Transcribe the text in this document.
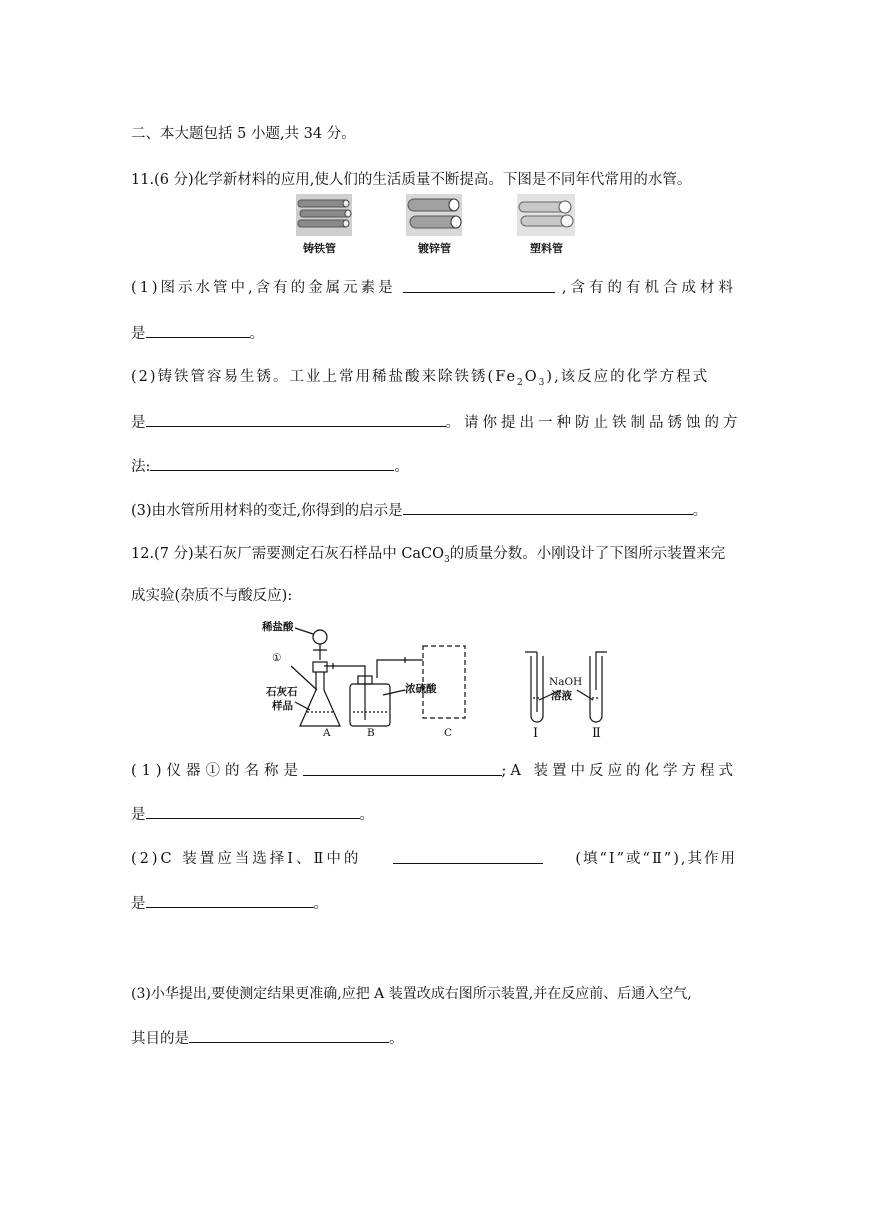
二、本大题包括 5 小题,共 34 分。
11.(6 分)化学新材料的应用,使人们的生活质量不断提高。下图是不同年代常用的水管。
铸铁管	镀锌管	塑料管
(1)图示水管中,含有的金属元素是	,含有的有机合成材料
是	。
(2)铸铁管容易生锈。工业上常用稀盐酸来除铁锈$(Fe_2O_3)$,该反应的化学方程式
是	。请你提出一种防止铁制品锈蚀的方
法:	。
(3)由水管所用材料的变迁,你得到的启示是	。
12.(7 分)某石灰厂需要测定石灰石样品中 CaCO$_3$的质量分数。小刚设计了下图所示装置来完
成实验(杂质不与酸反应):
稀盐酸
①
石灰石
样品
浓硫酸
NaOH
溶液
A	B	C	Ⅰ	Ⅱ
(1)仪器①的名称是	;A 装置中反应的化学方程式
是	。
(2)C 装置应当选择Ⅰ、Ⅱ中的	(填“Ⅰ”或“Ⅱ”),其作用
是	。
(3)小华提出,要使测定结果更准确,应把 A 装置改成右图所示装置,并在反应前、后通入空气,
其目的是	。
